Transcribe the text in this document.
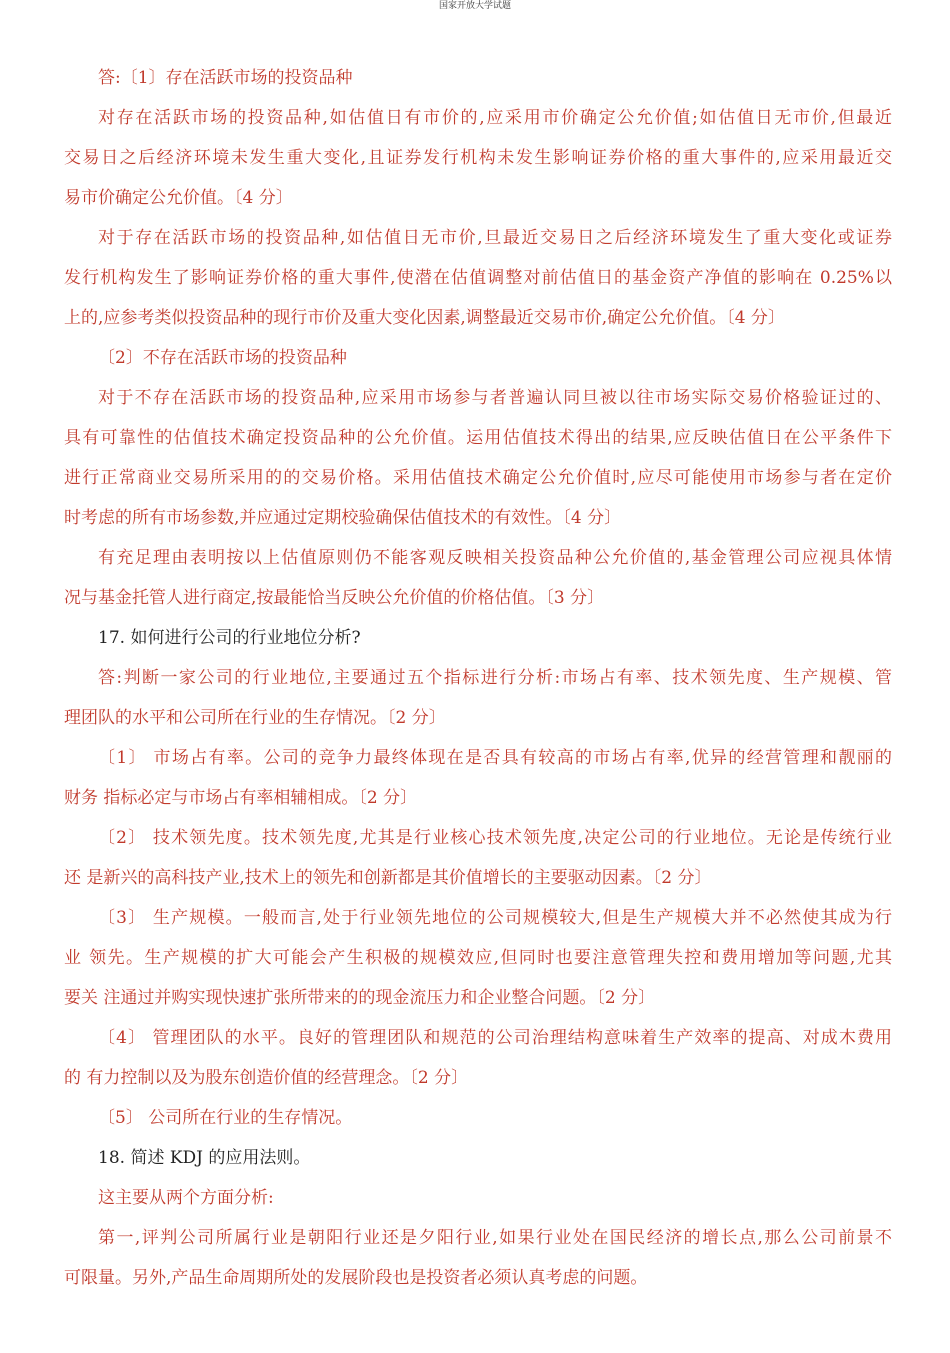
国家开放大学试题
答:〔1〕存在活跃市场的投资品种
对存在活跃市场的投资品种,如估值日有市价的,应采用市价确定公允价值;如估值日无市价,但最近
交易日之后经济环境未发生重大变化,且证券发行机构未发生影响证券价格的重大事件的,应采用最近交
易市价确定公允价值。〔4 分〕
对于存在活跃市场的投资品种,如估值日无市价,旦最近交易日之后经济环境发生了重大变化或证券
发行机构发生了影响证券价格的重大事件,使潜在估值调整对前估值日的基金资产净值的影响在 0.25%以
上的,应参考类似投资品种的现行市价及重大变化因素,调整最近交易市价,确定公允价值。〔4 分〕
〔2〕不存在活跃市场的投资品种
对于不存在活跃市场的投资品种,应采用市场参与者普遍认同旦被以往市场实际交易价格验证过的、
具有可靠性的估值技术确定投资品种的公允价值。运用估值技术得出的结果,应反映估值日在公平条件下
进行正常商业交易所采用的的交易价格。采用估值技术确定公允价值时,应尽可能使用市场参与者在定价
时考虑的所有市场参数,并应通过定期校验确保估值技术的有效性。〔4 分〕
有充足理由表明按以上估值原则仍不能客观反映相关投资品种公允价值的,基金管理公司应视具体情
况与基金托管人进行商定,按最能恰当反映公允价值的价格估值。〔3 分〕
17. 如何进行公司的行业地位分析?
答:判断一家公司的行业地位,主要通过五个指标进行分析:市场占有率、技术领先度、生产规模、管
理团队的水平和公司所在行业的生存情况。〔2 分〕
〔1〕 市场占有率。公司的竞争力最终体现在是否具有较高的市场占有率,优异的经营管理和靓丽的
财务 指标必定与市场占有率相辅相成。〔2 分〕
〔2〕 技术领先度。技术领先度,尤其是行业核心技术领先度,决定公司的行业地位。无论是传统行业
还 是新兴的高科技产业,技术上的领先和创新都是其价值增长的主要驱动因素。〔2 分〕
〔3〕 生产规模。一般而言,处于行业领先地位的公司规模较大,但是生产规模大并不必然使其成为行
业 领先。生产规模的扩大可能会产生积极的规模效应,但同时也要注意管理失控和费用增加等问题,尤其
要关 注通过并购实现快速扩张所带来的的现金流压力和企业整合问题。〔2 分〕
〔4〕 管理团队的水平。良好的管理团队和规范的公司治理结构意味着生产效率的提高、对成木费用
的 有力控制以及为股东创造价值的经营理念。〔2 分〕
〔5〕 公司所在行业的生存情况。
18. 简述 KDJ 的应用法则。
这主要从两个方面分析:
第一,评判公司所属行业是朝阳行业还是夕阳行业,如果行业处在国民经济的增长点,那么公司前景不
可限量。另外,产品生命周期所处的发展阶段也是投资者必须认真考虑的问题。
